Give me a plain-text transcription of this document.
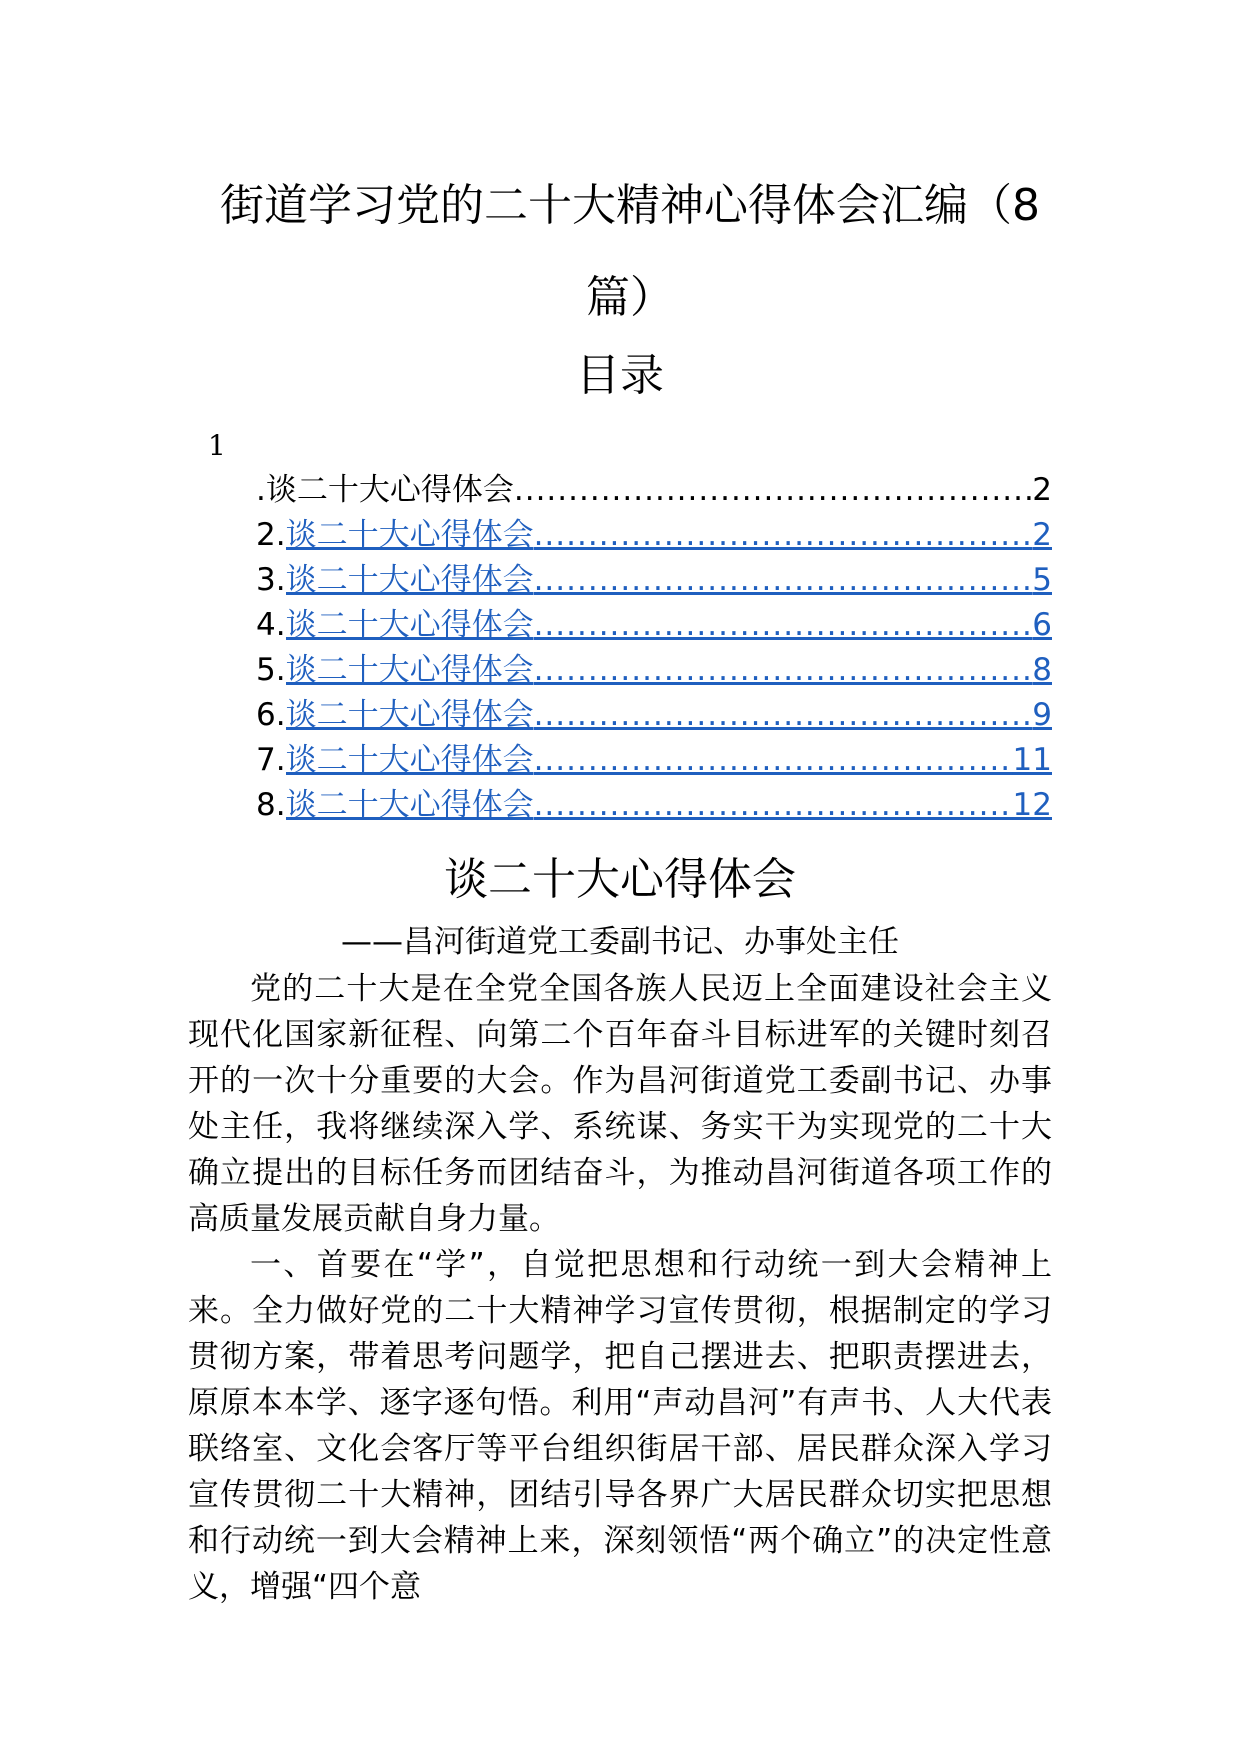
街道学习党的二十大精神心得体会汇编（8篇）
目录
1
.谈二十大心得体会 .....	2
2. 谈二十大心得体会 .....	2
3. 谈二十大心得体会 .....	5
4. 谈二十大心得体会 .....	6
5. 谈二十大心得体会 .....	8
6. 谈二十大心得体会 .....	9
7. 谈二十大心得体会 .....	11
8. 谈二十大心得体会 .....	12
谈二十大心得体会
——昌河街道党工委副书记、办事处主任

党的二十大是在全党全国各族人民迈上全面建设社会主义现代化国家新征程、向第二个百年奋斗目标进军的关键时刻召开的一次十分重要的大会。作为昌河街道党工委副书记、办事处主任，我将继续深入学、系统谋、务实干为实现党的二十大确立提出的目标任务而团结奋斗，为推动昌河街道各项工作的高质量发展贡献自身力量。

一、首要在“学”，自觉把思想和行动统一到大会精神上来。全力做好党的二十大精神学习宣传贯彻，根据制定的学习贯彻方案，带着思考问题学，把自己摆进去、把职责摆进去，原原本本学、逐字逐句悟。利用“声动昌河”有声书、人大代表联络室、文化会客厅等平台组织街居干部、居民群众深入学习宣传贯彻二十大精神，团结引导各界广大居民群众切实把思想和行动统一到大会精神上来，深刻领悟“两个确立”的决定性意义，增强“四个意
